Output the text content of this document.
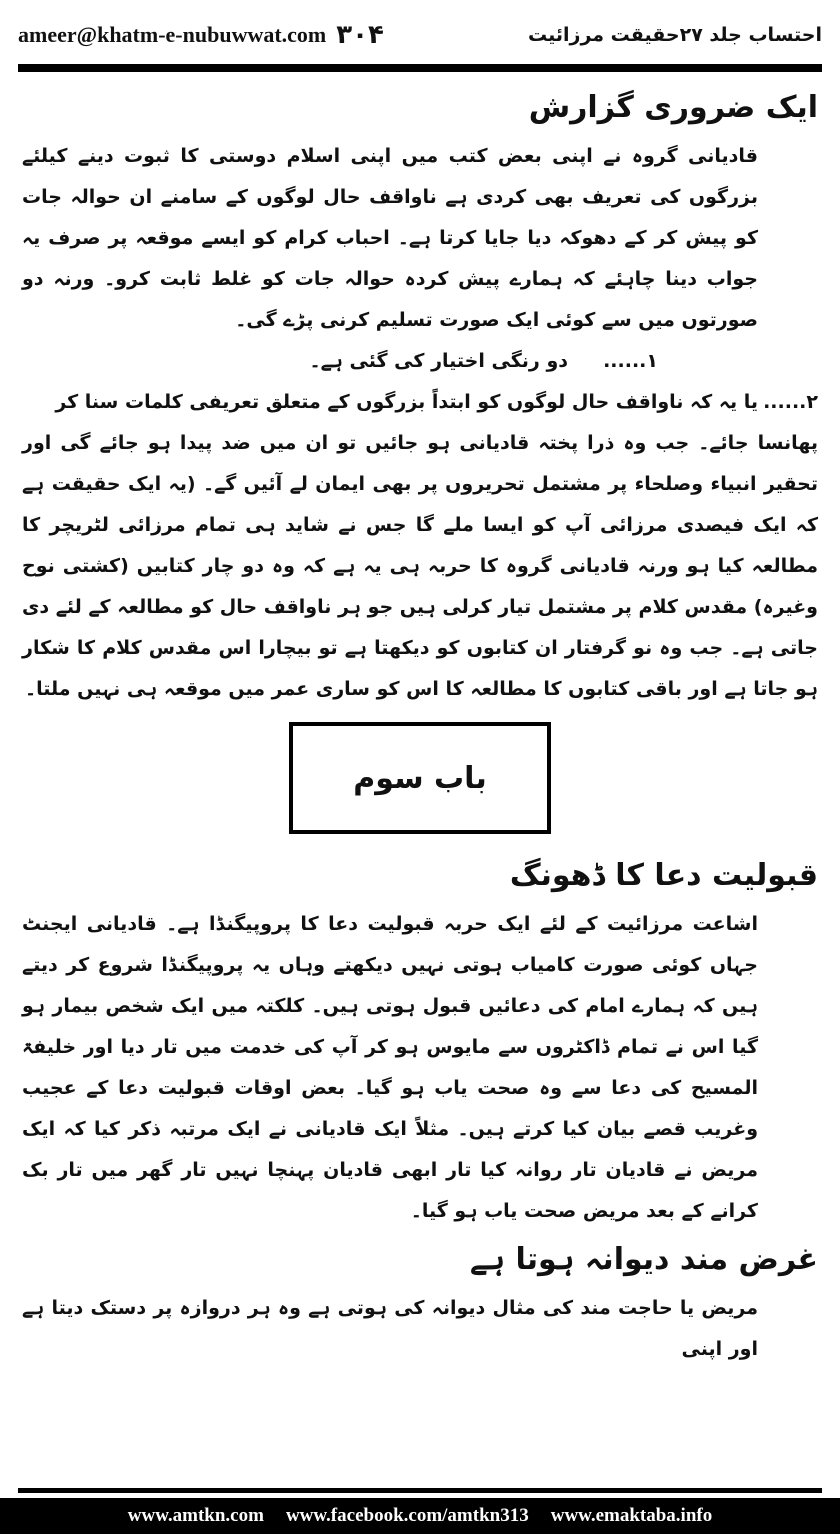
ameer@khatm-e-nubuwwat.com ۳۰۴	احتساب جلد ۲۷حقیقت مرزائیت
ایک ضروری گزارش

قادیانی گروہ نے اپنی بعض کتب میں اپنی اسلام دوستی کا ثبوت دینے کیلئے بزرگوں کی تعریف بھی کردی ہے ناواقف حال لوگوں کے سامنے ان حوالہ جات کو پیش کر کے دھوکہ دیا جایا کرتا ہے۔ احباب کرام کو ایسے موقعہ پر صرف یہ جواب دینا چاہئے کہ ہمارے پیش کردہ حوالہ جات کو غلط ثابت کرو۔ ورنہ دو صورتوں میں سے کوئی ایک صورت تسلیم کرنی پڑے گی۔

۱......دو رنگی اختیار کی گئی ہے۔
۲......یا یہ کہ ناواقف حال لوگوں کو ابتداً بزرگوں کے متعلق تعریفی کلمات سنا کر

پھانسا جائے۔ جب وہ ذرا پختہ قادیانی ہو جائیں تو ان میں ضد پیدا ہو جائے گی اور تحقیر انبیاء وصلحاء پر مشتمل تحریروں پر بھی ایمان لے آئیں گے۔ (یہ ایک حقیقت ہے کہ ایک فیصدی مرزائی آپ کو ایسا ملے گا جس نے شاید ہی تمام مرزائی لٹریچر کا مطالعہ کیا ہو ورنہ قادیانی گروہ کا حربہ ہی یہ ہے کہ وہ دو چار کتابیں (کشتی نوح وغیرہ) مقدس کلام پر مشتمل تیار کرلی ہیں جو ہر ناواقف حال کو مطالعہ کے لئے دی جاتی ہے۔ جب وہ نو گرفتار ان کتابوں کو دیکھتا ہے تو بیچارا اس مقدس کلام کا شکار ہو جاتا ہے اور باقی کتابوں کا مطالعہ کا اس کو ساری عمر میں موقعہ ہی نہیں ملتا۔

باب سوم
قبولیت دعا کا ڈھونگ

اشاعت مرزائیت کے لئے ایک حربہ قبولیت دعا کا پروپیگنڈا ہے۔ قادیانی ایجنٹ جہاں کوئی صورت کامیاب ہوتی نہیں دیکھتے وہاں یہ پروپیگنڈا شروع کر دیتے ہیں کہ ہمارے امام کی دعائیں قبول ہوتی ہیں۔ کلکتہ میں ایک شخص بیمار ہو گیا اس نے تمام ڈاکٹروں سے مایوس ہو کر آپ کی خدمت میں تار دیا اور خلیفۃ المسیح کی دعا سے وہ صحت یاب ہو گیا۔ بعض اوقات قبولیت دعا کے عجیب وغریب قصے بیان کیا کرتے ہیں۔ مثلاً ایک قادیانی نے ایک مرتبہ ذکر کیا کہ ایک مریض نے قادیان تار روانہ کیا تار ابھی قادیان پہنچا نہیں تار گھر میں تار بک کرانے کے بعد مریض صحت یاب ہو گیا۔

غرض مند دیوانہ ہوتا ہے

مریض یا حاجت مند کی مثال دیوانہ کی ہوتی ہے وہ ہر دروازہ پر دستک دیتا ہے اور اپنی

www.amtkn.com www.facebook.com/amtkn313 www.emaktaba.info
